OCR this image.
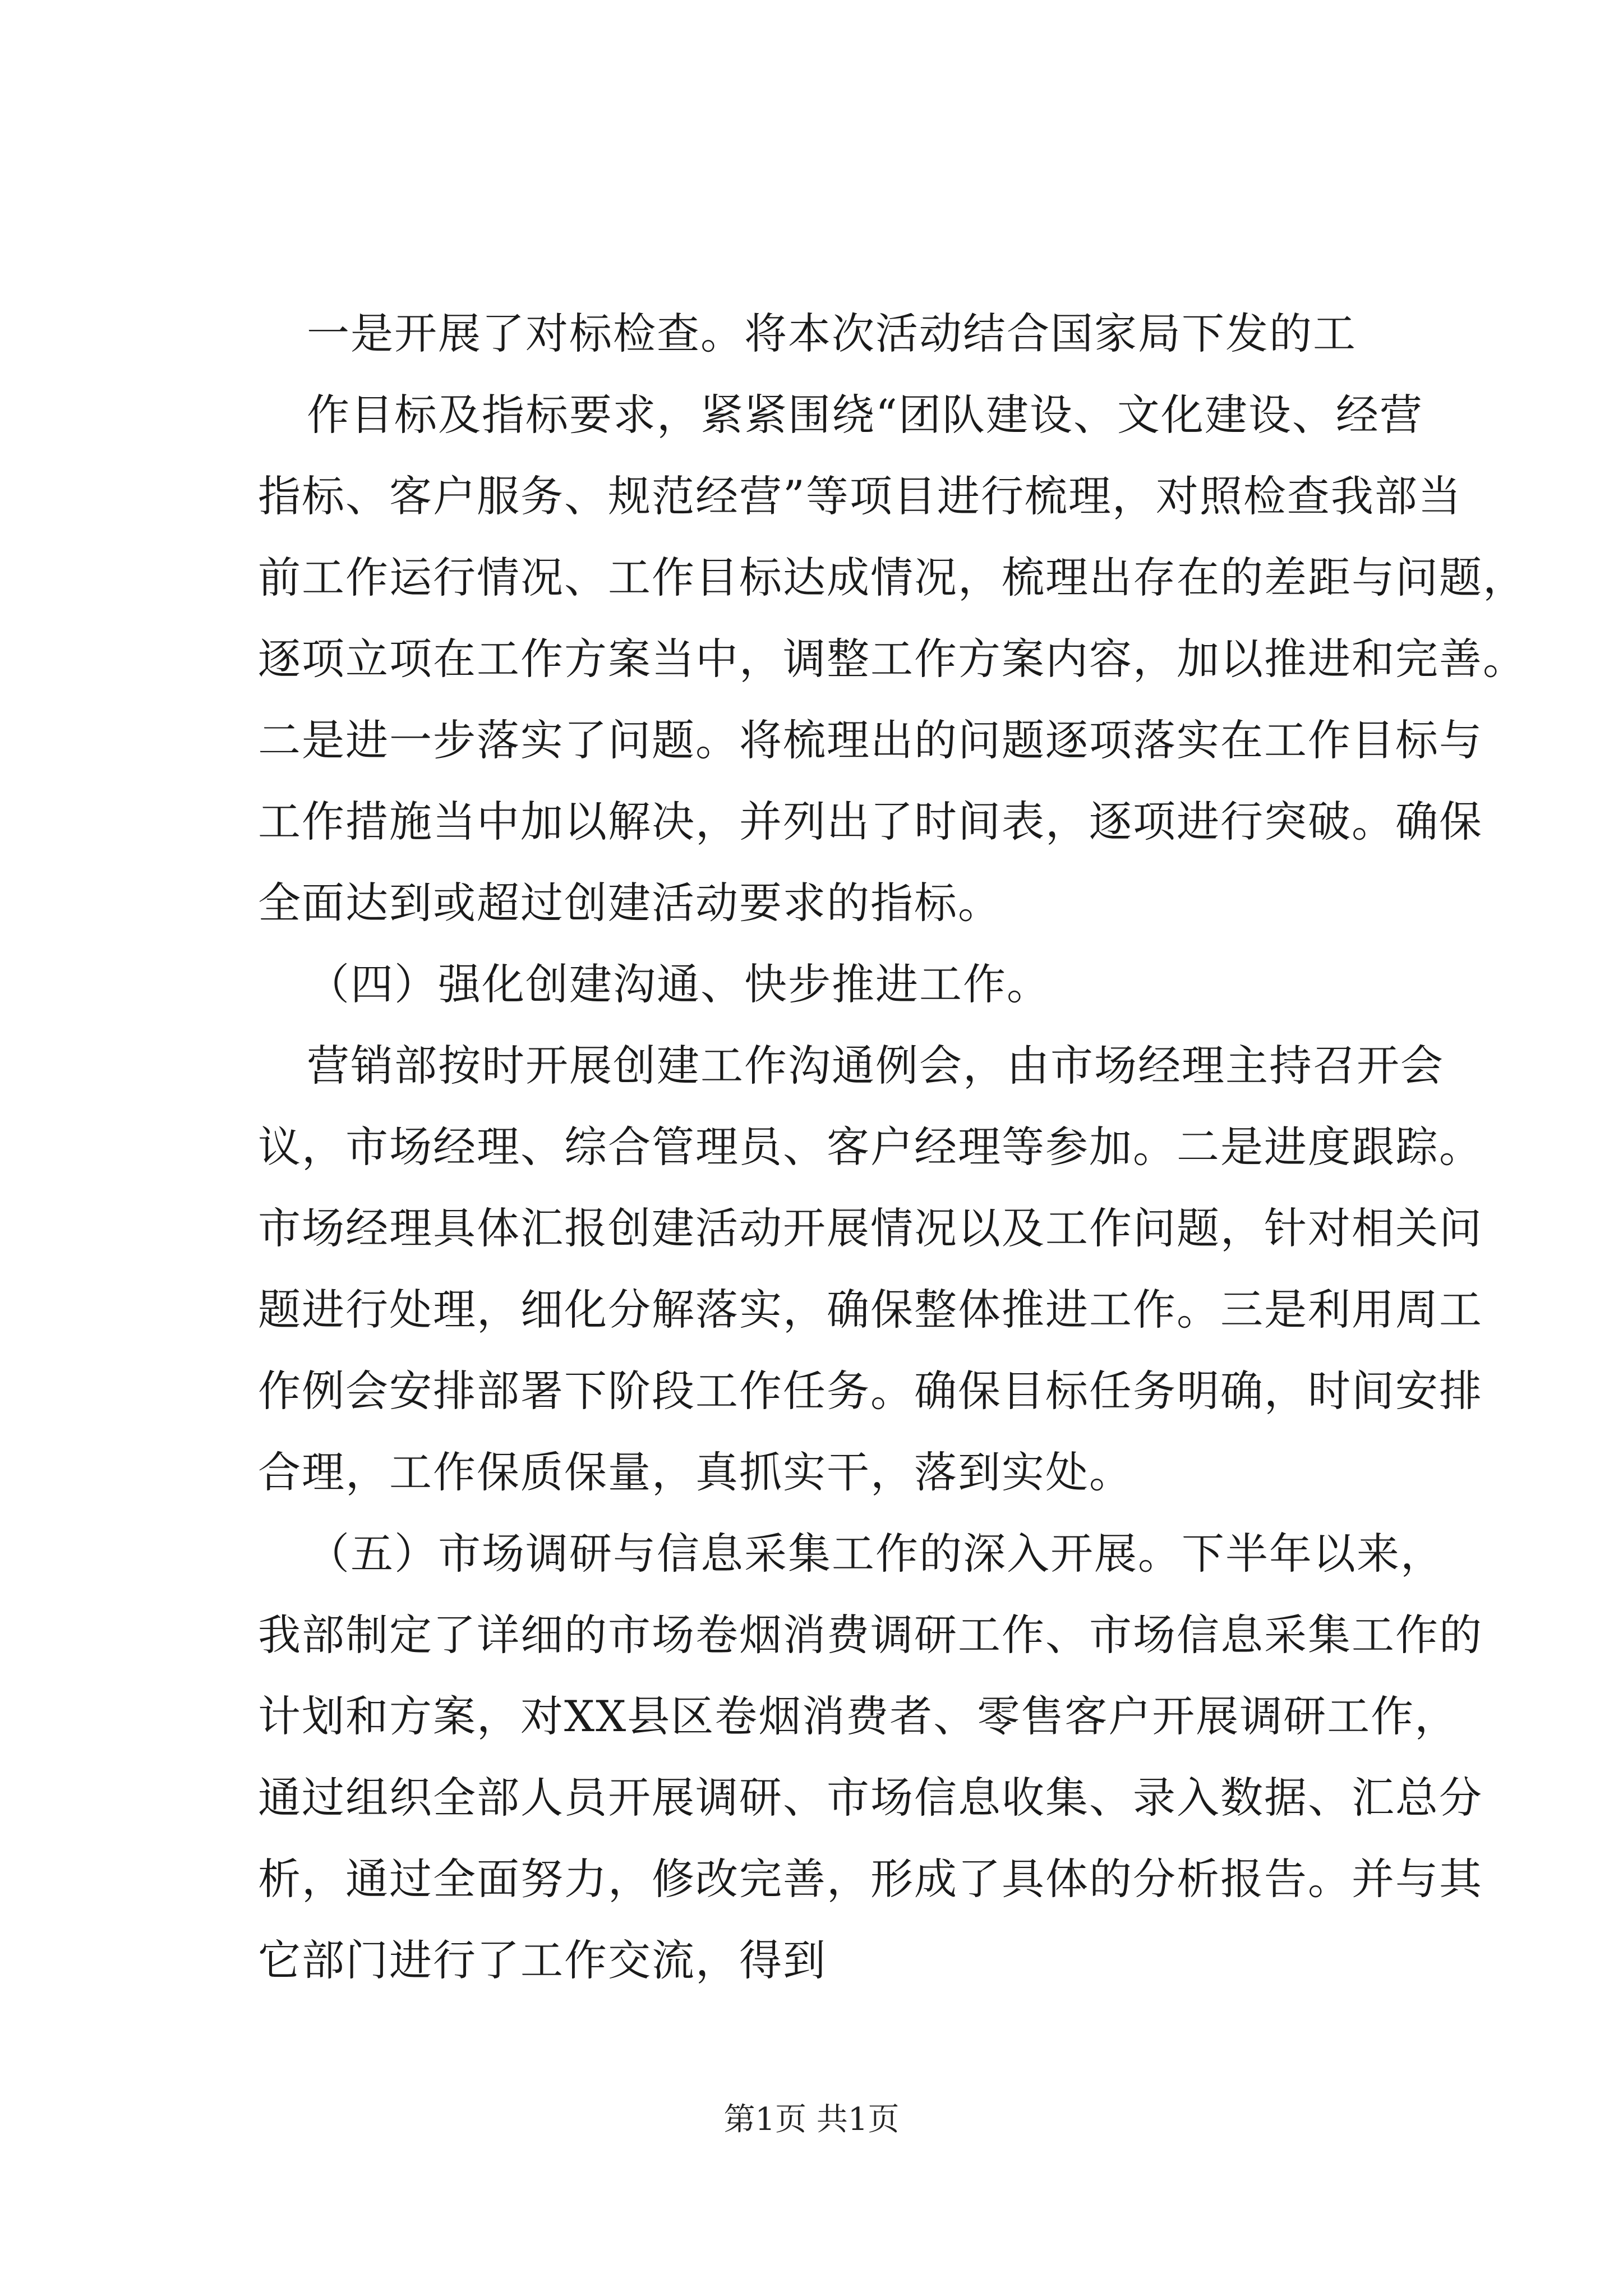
一是开展了对标检查。将本次活动结合国家局下发的工
作目标及指标要求，紧紧围绕“团队建设、文化建设、经营
指标、客户服务、规范经营”等项目进行梳理，对照检查我部当
前工作运行情况、工作目标达成情况，梳理出存在的差距与问题，
逐项立项在工作方案当中，调整工作方案内容，加以推进和完善。
二是进一步落实了问题。将梳理出的问题逐项落实在工作目标与
工作措施当中加以解决，并列出了时间表，逐项进行突破。确保
全面达到或超过创建活动要求的指标。
（四）强化创建沟通、快步推进工作。
营销部按时开展创建工作沟通例会，由市场经理主持召开会
议，市场经理、综合管理员、客户经理等参加。二是进度跟踪。
市场经理具体汇报创建活动开展情况以及工作问题，针对相关问
题进行处理，细化分解落实，确保整体推进工作。三是利用周工
作例会安排部署下阶段工作任务。确保目标任务明确，时间安排
合理，工作保质保量，真抓实干，落到实处。
（五）市场调研与信息采集工作的深入开展。下半年以来，
我部制定了详细的市场卷烟消费调研工作、市场信息采集工作的
计划和方案，对XX县区卷烟消费者、零售客户开展调研工作，
通过组织全部人员开展调研、市场信息收集、录入数据、汇总分
析，通过全面努力，修改完善，形成了具体的分析报告。并与其
它部门进行了工作交流，得到
第1页 共1页
